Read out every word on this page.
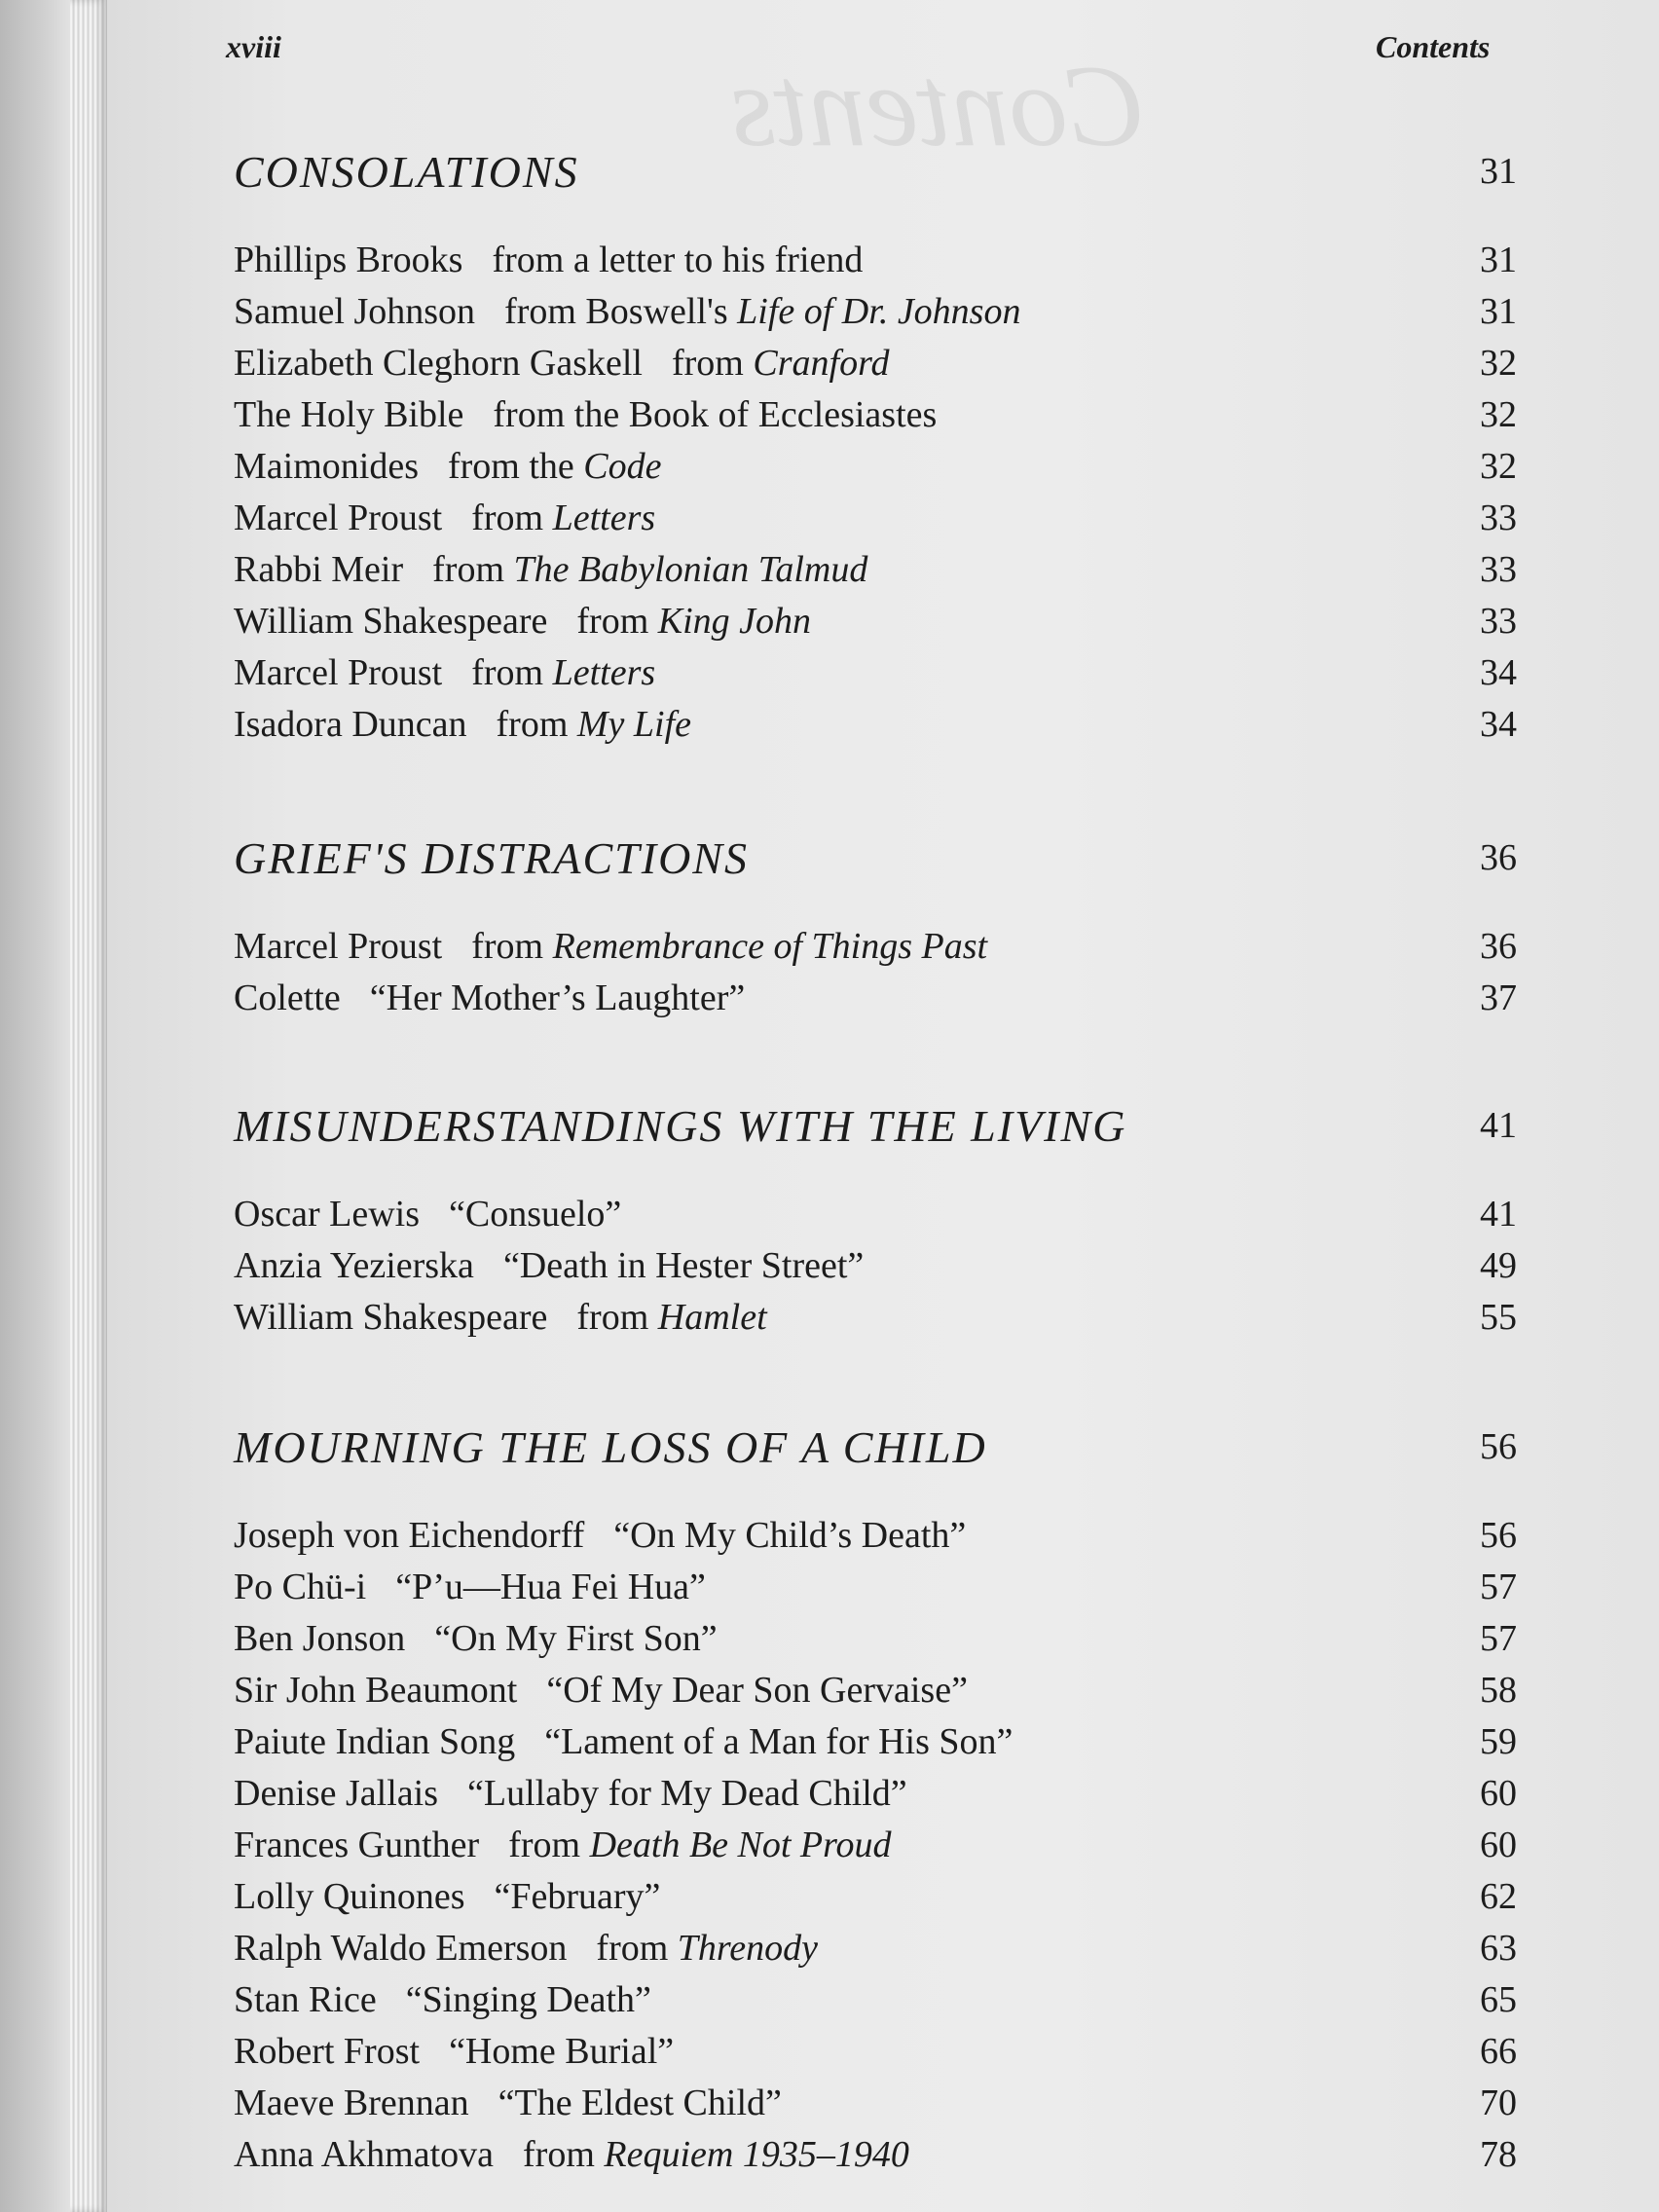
Contents
xviii	Contents
CONSOLATIONS	31
Phillips Brooks from a letter to his friend	31
Samuel Johnson from Boswell's Life of Dr. Johnson	31
Elizabeth Cleghorn Gaskell from Cranford	32
The Holy Bible from the Book of Ecclesiastes	32
Maimonides from the Code	32
Marcel Proust from Letters	33
Rabbi Meir from The Babylonian Talmud	33
William Shakespeare from King John	33
Marcel Proust from Letters	34
Isadora Duncan from My Life	34
GRIEF'S DISTRACTIONS	36
Marcel Proust from Remembrance of Things Past	36
Colette “Her Mother’s Laughter”	37
MISUNDERSTANDINGS WITH THE LIVING	41
Oscar Lewis “Consuelo”	41
Anzia Yezierska “Death in Hester Street”	49
William Shakespeare from Hamlet	55
MOURNING THE LOSS OF A CHILD	56
Joseph von Eichendorff “On My Child’s Death”	56
Po Chü-i “P’u—Hua Fei Hua”	57
Ben Jonson “On My First Son”	57
Sir John Beaumont “Of My Dear Son Gervaise”	58
Paiute Indian Song “Lament of a Man for His Son”	59
Denise Jallais “Lullaby for My Dead Child”	60
Frances Gunther from Death Be Not Proud	60
Lolly Quinones “February”	62
Ralph Waldo Emerson from Threnody	63
Stan Rice “Singing Death”	65
Robert Frost “Home Burial”	66
Maeve Brennan “The Eldest Child”	70
Anna Akhmatova from Requiem 1935–1940	78
